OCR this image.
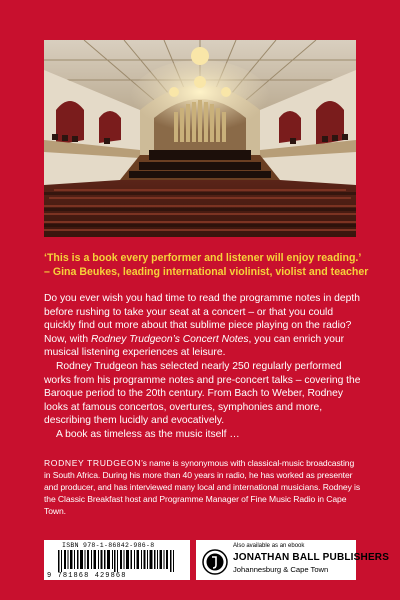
‘This is a book every performer and listener will enjoy reading.’
– Gina Beukes, leading international violinist, violist and teacher

Do you ever wish you had time to read the programme notes in depth before rushing to take your seat at a concert – or that you could quickly find out more about that sublime piece playing on the radio? Now, with Rodney Trudgeon’s Concert Notes, you can enrich your musical listening experiences at leisure.

Rodney Trudgeon has selected nearly 250 regularly performed works from his programme notes and pre-concert talks – covering the Baroque period to the 20th century. From Bach to Weber, Rodney looks at famous concertos, overtures, symphonies and more, describing them lucidly and evocatively.

A book as timeless as the music itself …

RODNEY TRUDGEON’s name is synonymous with classical-music broadcasting in South Africa. During his more than 40 years in radio, he has worked as presenter and producer, and has interviewed many local and international musicians. Rodney is the Classic Breakfast host and Programme Manager of Fine Music Radio in Cape Town.
ISBN 978-1-86842-986-8
9 781868 429868
Also available as an ebook
JONATHAN BALL PUBLISHERS
Johannesburg & Cape Town
